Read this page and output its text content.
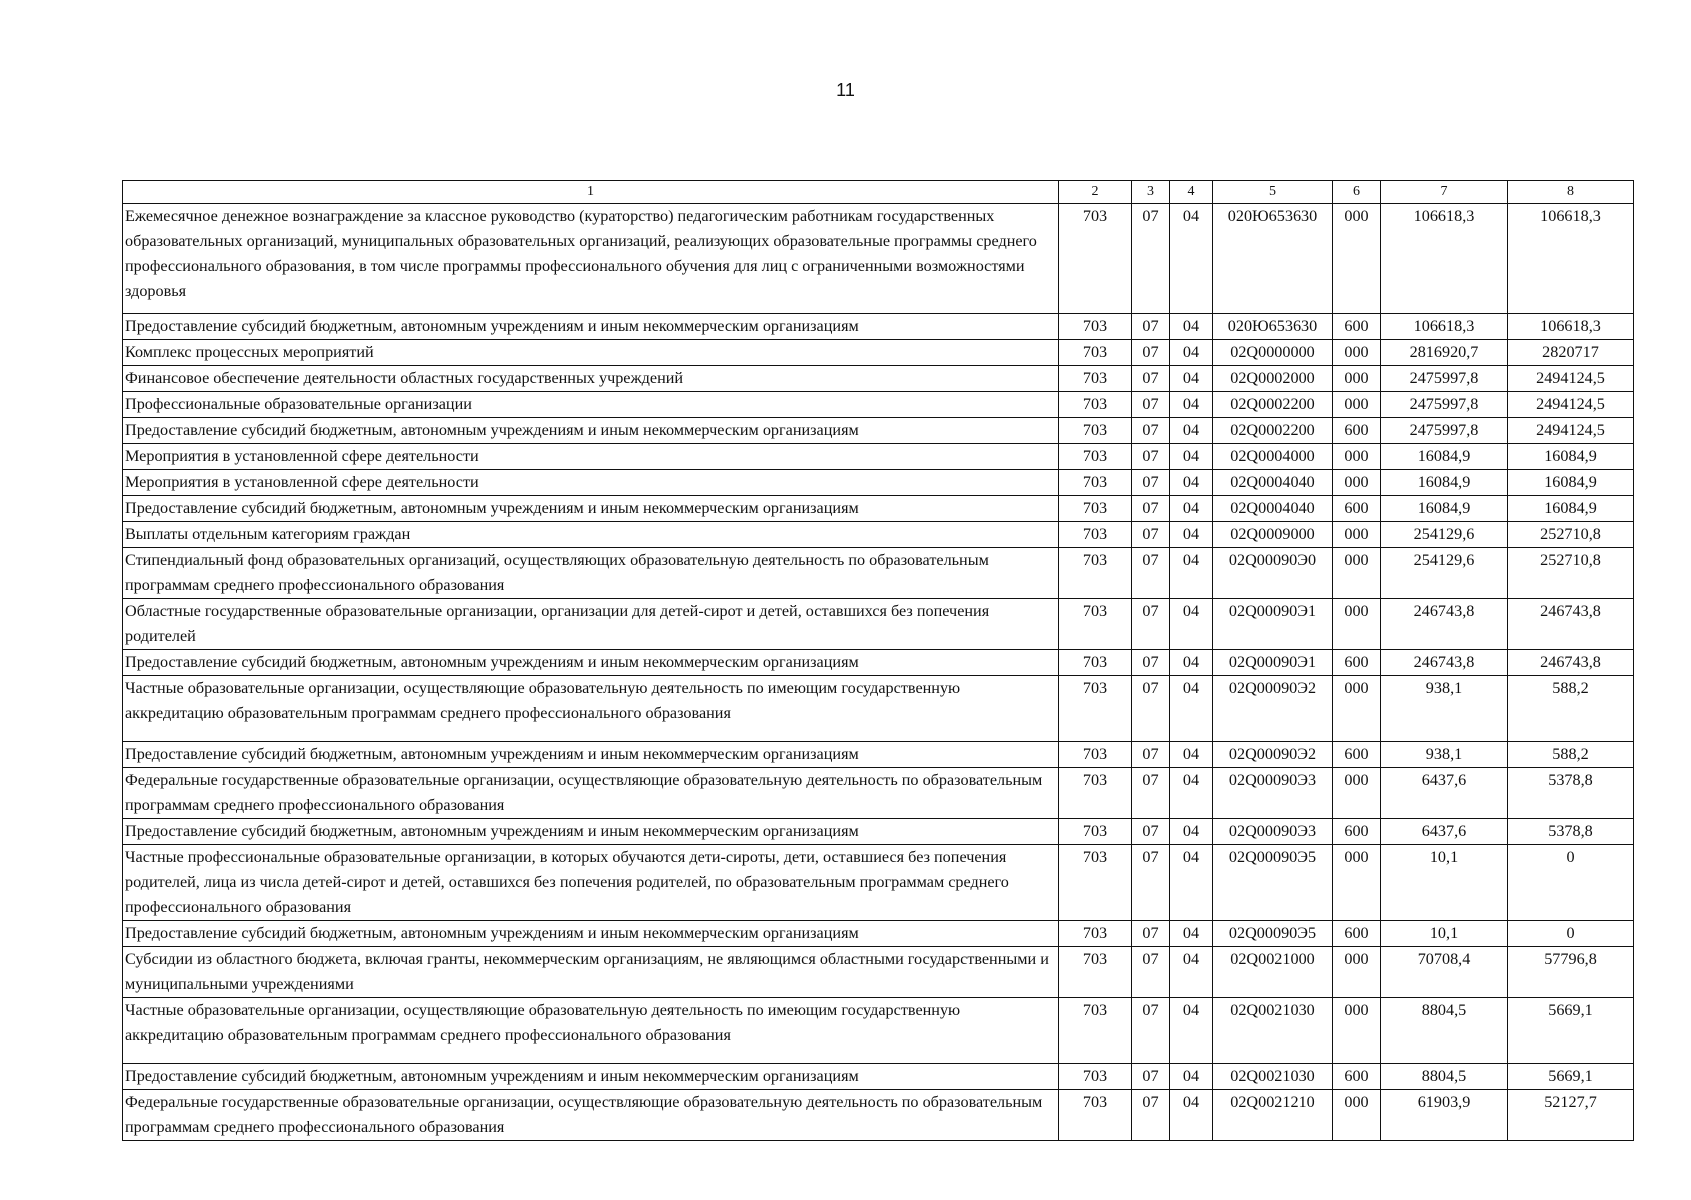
11
1	2	3	4	5	6	7	8
Ежемесячное денежное вознаграждение за классное руководство (кураторство) педагогическим работникам государственных образовательных организаций, муниципальных образовательных организаций, реализующих образовательные программы среднего профессионального образования, в том числе программы профессионального обучения для лиц с ограниченными возможностями здоровья	703	07	04	020Ю653630	000	106618,3	106618,3
Предоставление субсидий бюджетным, автономным учреждениям и иным некоммерческим организациям	703	07	04	020Ю653630	600	106618,3	106618,3
Комплекс процессных мероприятий	703	07	04	02Q0000000	000	2816920,7	2820717
Финансовое обеспечение деятельности областных государственных учреждений	703	07	04	02Q0002000	000	2475997,8	2494124,5
Профессиональные образовательные организации	703	07	04	02Q0002200	000	2475997,8	2494124,5
Предоставление субсидий бюджетным, автономным учреждениям и иным некоммерческим организациям	703	07	04	02Q0002200	600	2475997,8	2494124,5
Мероприятия в установленной сфере деятельности	703	07	04	02Q0004000	000	16084,9	16084,9
Мероприятия в установленной сфере деятельности	703	07	04	02Q0004040	000	16084,9	16084,9
Предоставление субсидий бюджетным, автономным учреждениям и иным некоммерческим организациям	703	07	04	02Q0004040	600	16084,9	16084,9
Выплаты отдельным категориям граждан	703	07	04	02Q0009000	000	254129,6	252710,8
Стипендиальный фонд образовательных организаций, осуществляющих образовательную деятельность по образовательным программам среднего профессионального образования	703	07	04	02Q00090Э0	000	254129,6	252710,8
Областные государственные образовательные организации, организации для детей-сирот и детей, оставшихся без попечения родителей	703	07	04	02Q00090Э1	000	246743,8	246743,8
Предоставление субсидий бюджетным, автономным учреждениям и иным некоммерческим организациям	703	07	04	02Q00090Э1	600	246743,8	246743,8
Частные образовательные организации, осуществляющие образовательную деятельность по имеющим государственную аккредитацию образовательным программам среднего профессионального образования	703	07	04	02Q00090Э2	000	938,1	588,2
Предоставление субсидий бюджетным, автономным учреждениям и иным некоммерческим организациям	703	07	04	02Q00090Э2	600	938,1	588,2
Федеральные государственные образовательные организации, осуществляющие образовательную деятельность по образовательным программам среднего профессионального образования	703	07	04	02Q00090Э3	000	6437,6	5378,8
Предоставление субсидий бюджетным, автономным учреждениям и иным некоммерческим организациям	703	07	04	02Q00090Э3	600	6437,6	5378,8
Частные профессиональные образовательные организации, в которых обучаются дети-сироты, дети, оставшиеся без попечения родителей, лица из числа детей-сирот и детей, оставшихся без попечения родителей, по образовательным программам среднего профессионального образования	703	07	04	02Q00090Э5	000	10,1	0
Предоставление субсидий бюджетным, автономным учреждениям и иным некоммерческим организациям	703	07	04	02Q00090Э5	600	10,1	0
Субсидии из областного бюджета, включая гранты, некоммерческим организациям, не являющимся областными государственными и муниципальными учреждениями	703	07	04	02Q0021000	000	70708,4	57796,8
Частные образовательные организации, осуществляющие образовательную деятельность по имеющим государственную аккредитацию образовательным программам среднего профессионального образования	703	07	04	02Q0021030	000	8804,5	5669,1
Предоставление субсидий бюджетным, автономным учреждениям и иным некоммерческим организациям	703	07	04	02Q0021030	600	8804,5	5669,1
Федеральные государственные образовательные организации, осуществляющие образовательную деятельность по образовательным программам среднего профессионального образования	703	07	04	02Q0021210	000	61903,9	52127,7
